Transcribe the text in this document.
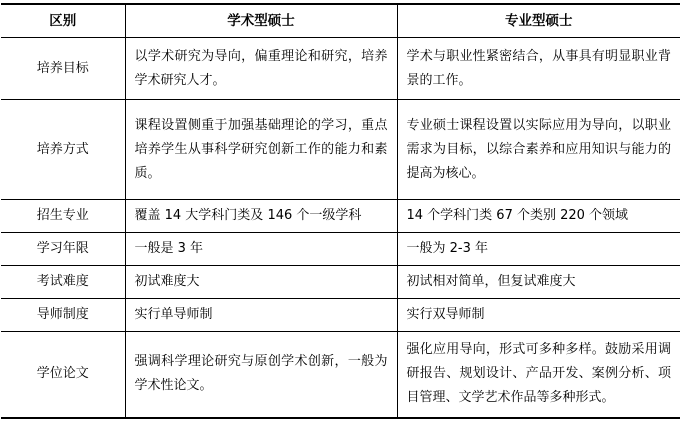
区别	学术型硕士	专业型硕士
培养目标	以学术研究为导向，偏重理论和研究，培养学术研究人才。	学术与职业性紧密结合，从事具有明显职业背景的工作。
培养方式	课程设置侧重于加强基础理论的学习，重点培养学生从事科学研究创新工作的能力和素质。	专业硕士课程设置以实际应用为导向，以职业需求为目标，以综合素养和应用知识与能力的提高为核心。
招生专业	覆盖 14 大学科门类及 146 个一级学科	14 个学科门类 67 个类别 220 个领域
学习年限	一般是 3 年	一般为 2-3 年
考试难度	初试难度大	初试相对简单，但复试难度大
导师制度	实行单导师制	实行双导师制
学位论文	强调科学理论研究与原创学术创新，一般为学术性论文。	强化应用导向，形式可多种多样。鼓励采用调研报告、规划设计、产品开发、案例分析、项目管理、文学艺术作品等多种形式。
